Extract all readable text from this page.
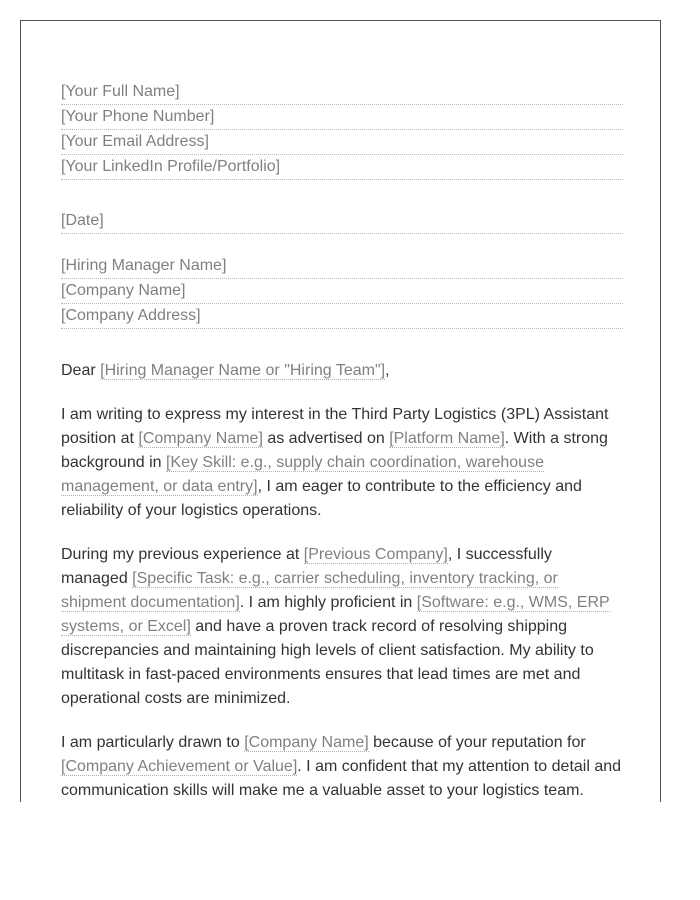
[Your Full Name]
[Your Phone Number]
[Your Email Address]
[Your LinkedIn Profile/Portfolio]
[Date]
[Hiring Manager Name]
[Company Name]
[Company Address]

Dear [Hiring Manager Name or "Hiring Team"],

I am writing to express my interest in the Third Party Logistics (3PL) Assistant position at [Company Name] as advertised on [Platform Name]. With a strong background in [Key Skill: e.g., supply chain coordination, warehouse management, or data entry], I am eager to contribute to the efficiency and reliability of your logistics operations.

During my previous experience at [Previous Company], I successfully managed [Specific Task: e.g., carrier scheduling, inventory tracking, or shipment documentation]. I am highly proficient in [Software: e.g., WMS, ERP systems, or Excel] and have a proven track record of resolving shipping discrepancies and maintaining high levels of client satisfaction. My ability to multitask in fast-paced environments ensures that lead times are met and operational costs are minimized.

I am particularly drawn to [Company Name] because of your reputation for [Company Achievement or Value]. I am confident that my attention to detail and communication skills will make me a valuable asset to your logistics team.
